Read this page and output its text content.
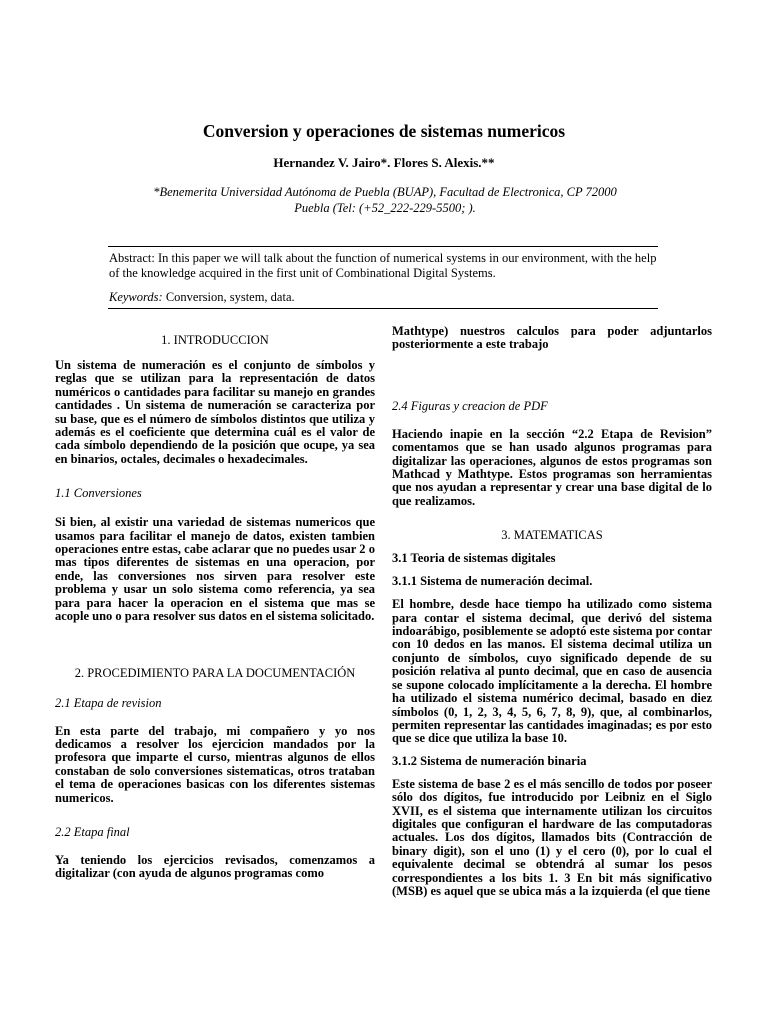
Conversion y operaciones de sistemas numericos

Hernandez V. Jairo*. Flores S. Alexis.**

*Benemerita Universidad Autónoma de Puebla (BUAP), Facultad de Electronica, CP 72000
Puebla (Tel: (+52_222-229-5500; ).

Abstract: In this paper we will talk about the function of numerical systems in our environment, with the help of the knowledge acquired in the first unit of Combinational Digital Systems.

Keywords: Conversion, system, data.

1. INTRODUCCION

Un sistema de numeración es el conjunto de símbolos y reglas que se utilizan para la representación de datos numéricos o cantidades para facilitar su manejo en grandes cantidades . Un sistema de numeración se caracteriza por su base, que es el número de símbolos distintos que utiliza y además es el coeficiente que determina cuál es el valor de cada símbolo dependiendo de la posición que ocupe, ya sea en binarios, octales, decimales o hexadecimales.

1.1 Conversiones

Si bien, al existir una variedad de sistemas numericos que usamos para facilitar el manejo de datos, existen tambien operaciones entre estas, cabe aclarar que no puedes usar 2 o mas tipos diferentes de sistemas en una operacion, por ende, las conversiones nos sirven para resolver este problema y usar un solo sistema como referencia, ya sea para para hacer la operacion en el sistema que mas se acople uno o para resolver sus datos en el sistema solicitado.

2. PROCEDIMIENTO PARA LA DOCUMENTACIÓN

2.1 Etapa de revision

En esta parte del trabajo, mi compañero y yo nos dedicamos a resolver los ejercicion mandados por la profesora que imparte el curso, mientras algunos de ellos constaban de solo conversiones sistematicas, otros trataban el tema de operaciones basicas con los diferentes sistemas numericos.

2.2 Etapa final

Ya teniendo los ejercicios revisados, comenzamos a digitalizar (con ayuda de algunos programas como

Mathtype) nuestros calculos para poder adjuntarlos posteriormente a este trabajo

2.4 Figuras y creacion de PDF

Haciendo inapie en la sección “2.2 Etapa de Revision” comentamos que se han usado algunos programas para digitalizar las operaciones, algunos de estos programas son Mathcad y Mathtype. Estos programas son herramientas que nos ayudan a representar y crear una base digital de lo que realizamos.

3. MATEMATICAS

3.1 Teoria de sistemas digitales

3.1.1 Sistema de numeración decimal.

El hombre, desde hace tiempo ha utilizado como sistema para contar el sistema decimal, que derivó del sistema indoarábigo, posiblemente se adoptó este sistema por contar con 10 dedos en las manos. El sistema decimal utiliza un conjunto de símbolos, cuyo significado depende de su posición relativa al punto decimal, que en caso de ausencia se supone colocado implícitamente a la derecha. El hombre ha utilizado el sistema numérico decimal, basado en diez símbolos (0, 1, 2, 3, 4, 5, 6, 7, 8, 9), que, al combinarlos, permiten representar las cantidades imaginadas; es por esto que se dice que utiliza la base 10.

3.1.2 Sistema de numeración binaria

Este sistema de base 2 es el más sencillo de todos por poseer sólo dos dígitos, fue introducido por Leibniz en el Siglo XVII, es el sistema que internamente utilizan los circuitos digitales que configuran el hardware de las computadoras actuales. Los dos dígitos, llamados bits (Contracción de binary digit), son el uno (1) y el cero (0), por lo cual el equivalente decimal se obtendrá al sumar los pesos correspondientes a los bits 1. 3 En bit más significativo (MSB) es aquel que se ubica más a la izquierda (el que tiene
